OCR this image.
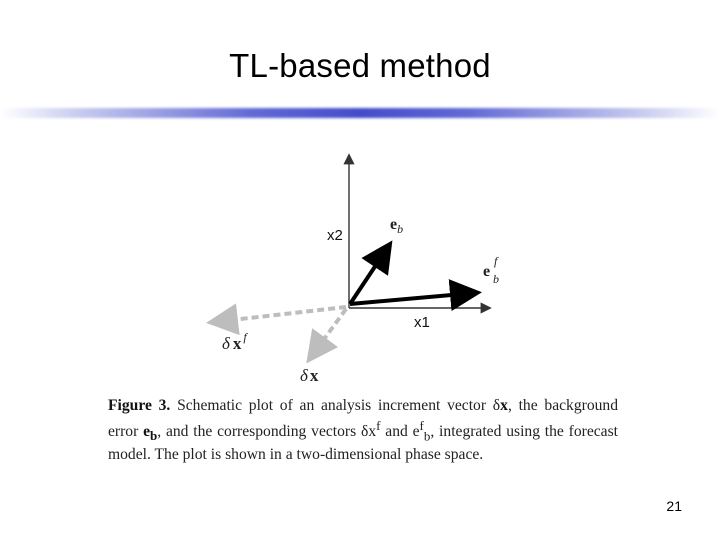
TL-based method
x2
x1
$e_b$
e
f
b
δ x $^f$
δ x
Figure 3. Schematic plot of an analysis increment vector δx, the background error $e_b$, and the corresponding vectors $\delta x^f$ and $e^f_b$, integrated using the forecast model. The plot is shown in a two-dimensional phase space.
21
